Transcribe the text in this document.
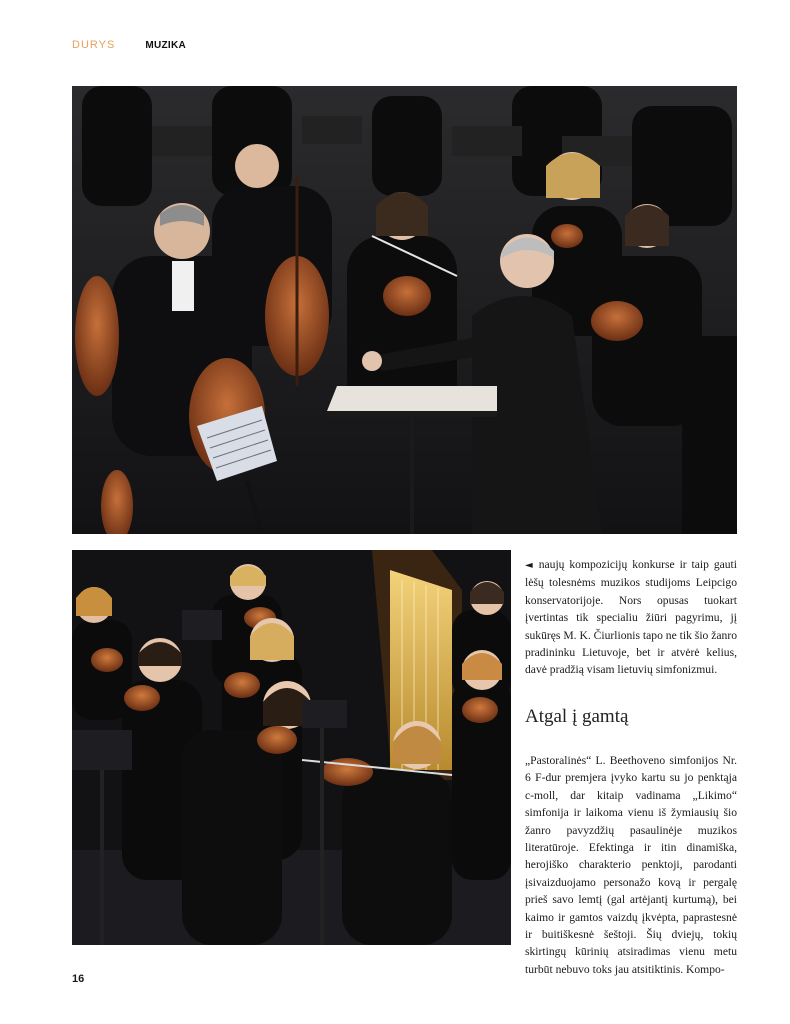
DURYS	MUZIKA
◄ naujų kompozicijų konkurse ir taip gauti lėšų tolesnėms muzikos studijoms Leipcigo konservatorijoje. Nors opusas tuokart įvertintas tik specialiu žiūri pagyrimu, jį sukūręs M. K. Čiurlionis tapo ne tik šio žanro pradininku Lietuvoje, bet ir atvėrė kelius, davė pradžią visam lietuvių simfonizmui.
Atgal į gamtą
„Pastoralinės“ L. Beethoveno simfonijos Nr. 6 F-dur premjera įvyko kartu su jo penktąja c-moll, dar kitaip vadinama „Likimo“ simfonija ir laikoma vienu iš žymiausių šio žanro pavyzdžių pasaulinėje muzikos literatūroje. Efektinga ir itin dinamiška, herojiško charakterio penktoji, parodanti įsivaizduojamo personažo kovą ir pergalę prieš savo lemtį (gal artėjantį kurtumą), bei kaimo ir gamtos vaizdų įkvėpta, paprastesnė ir buitiškesnė šeštoji. Šių dviejų, tokių skirtingų kūrinių atsiradimas vienu metu turbūt nebuvo toks jau atsitiktinis. Kompo-
16
